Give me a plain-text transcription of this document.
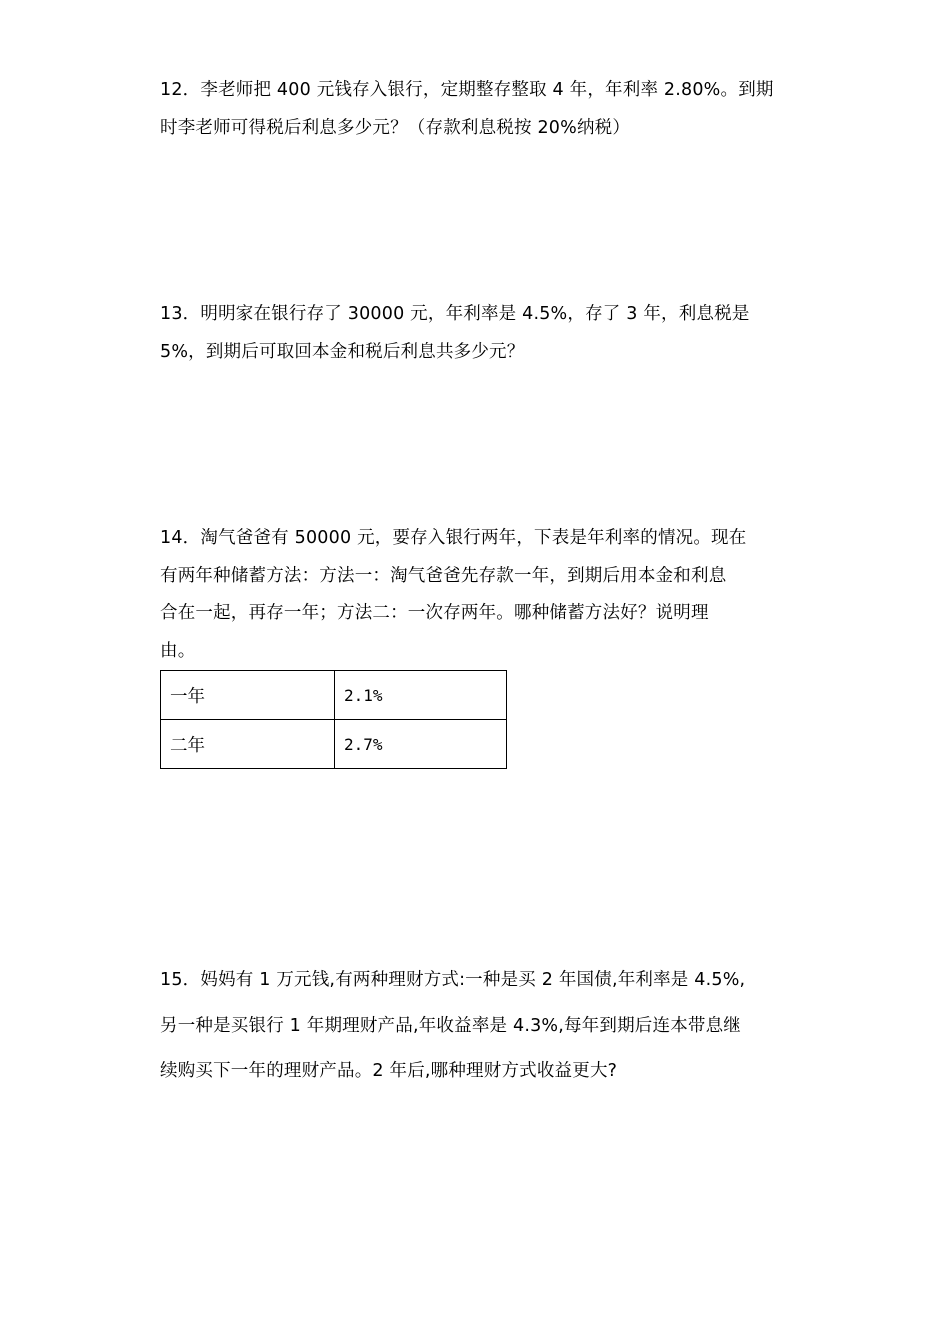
12．李老师把 400 元钱存入银行，定期整存整取 4 年，年利率 2.80%。到期
时李老师可得税后利息多少元？（存款利息税按 20%纳税）
13．明明家在银行存了 30000 元，年利率是 4.5%，存了 3 年，利息税是
5%，到期后可取回本金和税后利息共多少元？
14．淘气爸爸有 50000 元，要存入银行两年，下表是年利率的情况。现在
有两年种储蓄方法：方法一：淘气爸爸先存款一年，到期后用本金和利息
合在一起，再存一年；方法二：一次存两年。哪种储蓄方法好？说明理
由。
一年	2.1%
二年	2.7%
15．妈妈有 1 万元钱,有两种理财方式:一种是买 2 年国债,年利率是 4.5%,
另一种是买银行 1 年期理财产品,年收益率是 4.3%,每年到期后连本带息继
续购买下一年的理财产品。2 年后,哪种理财方式收益更大?
